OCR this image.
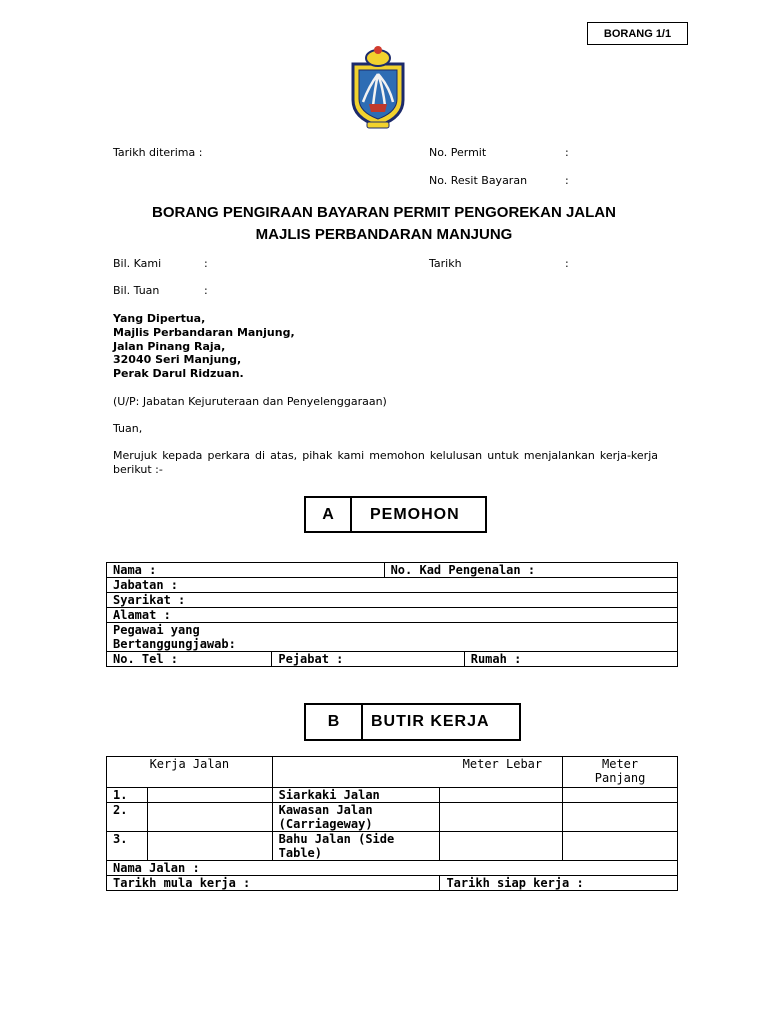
BORANG 1/1
Tarikh diterima :	No. Permit	:
No. Resit Bayaran	:
BORANG PENGIRAAN BAYARAN PERMIT PENGOREKAN JALAN
MAJLIS PERBANDARAN MANJUNG
Bil. Kami	:	Tarikh	:
Bil. Tuan	:
Yang Dipertua,
Majlis Perbandaran Manjung,
Jalan Pinang Raja,
32040 Seri Manjung,
Perak Darul Ridzuan.
(U/P: Jabatan Kejuruteraan dan Penyelenggaraan)
Tuan,
Merujuk kepada perkara di atas, pihak kami memohon kelulusan untuk menjalankan kerja-kerja berikut :-
A	PEMOHON
Nama :		No. Kad Pengenalan :	
Jabatan :			
Syarikat :			
Alamat :			

Pegawai yang
Bertanggungjawab:			

No. Tel :	Pejabat :		Rumah :
B	BUTIR KERJA
Kerja Jalan		Meter Lebar		Meter
Panjang

1.		Siarkaki Jalan		

2.		Kawasan Jalan
(Carriageway)		

3.		Bahu Jalan (Side
Table)		

Nama Jalan :				
Tarikh mula kerja :			Tarikh siap kerja :	
